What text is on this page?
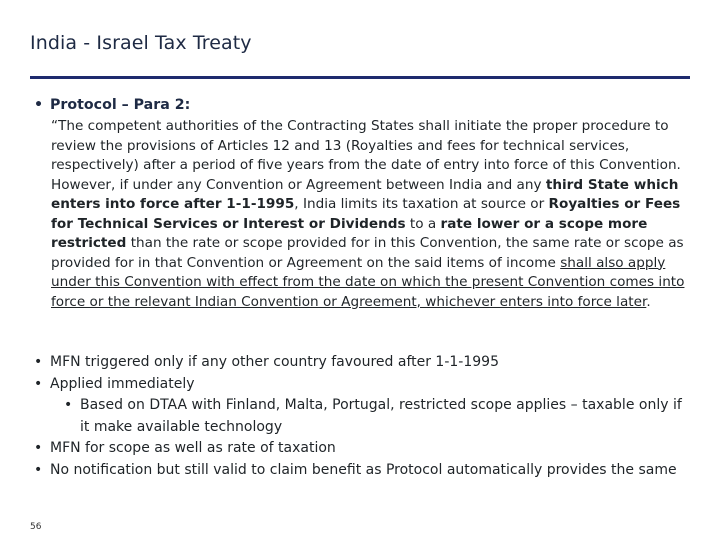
India - Israel Tax Treaty
• Protocol – Para 2:
“The competent authorities of the Contracting States shall initiate the proper procedure to review the provisions of Articles 12 and 13 (Royalties and fees for technical services, respectively) after a period of five years from the date of entry into force of this Convention. However, if under any Convention or Agreement between India and any third State which enters into force after 1-1-1995, India limits its taxation at source or Royalties or Fees for Technical Services or Interest or Dividends to a rate lower or a scope more restricted than the rate or scope provided for in this Convention, the same rate or scope as provided for in that Convention or Agreement on the said items of income shall also apply under this Convention with effect from the date on which the present Convention comes into force or the relevant Indian Convention or Agreement, whichever enters into force later.
• MFN triggered only if any other country favoured after 1-1-1995
• Applied immediately
• Based on DTAA with Finland, Malta, Portugal, restricted scope applies – taxable only if it make available technology
• MFN for scope as well as rate of taxation
• No notification but still valid to claim benefit as Protocol automatically provides the same
56
